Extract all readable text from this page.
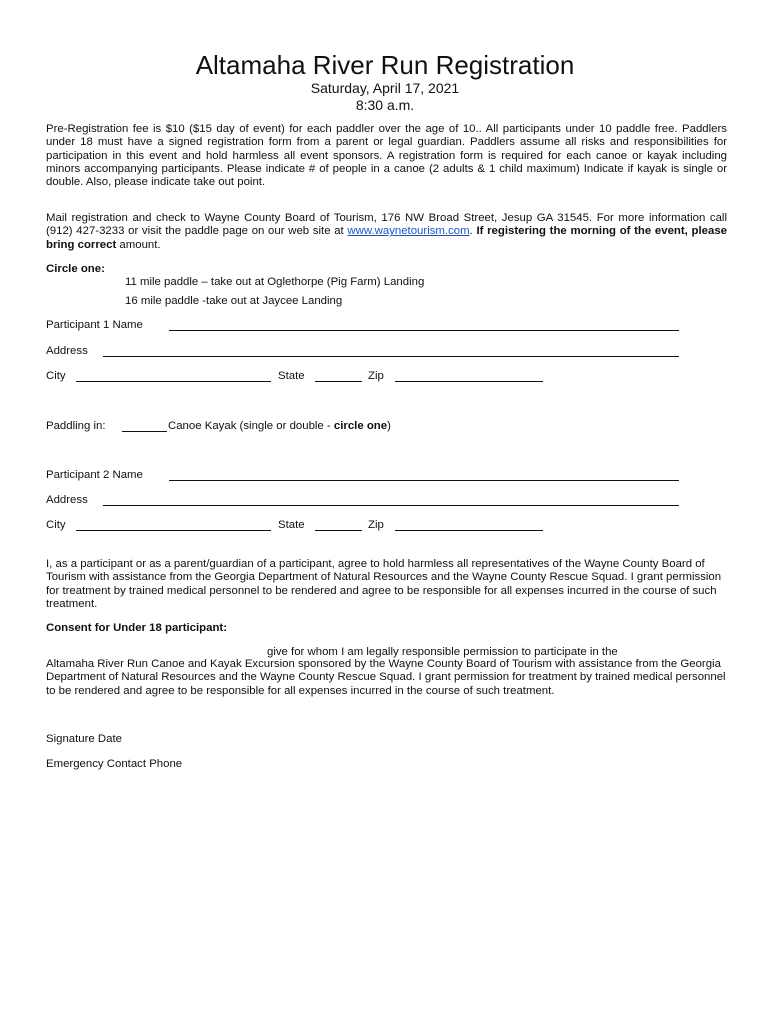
Altamaha River Run Registration
Saturday, April 17, 2021
8:30 a.m.
Pre-Registration fee is $10 ($15 day of event) for each paddler over the age of 10.. All participants under 10 paddle free. Paddlers under 18 must have a signed registration form from a parent or legal guardian. Paddlers assume all risks and responsibilities for participation in this event and hold harmless all event sponsors. A registration form is required for each canoe or kayak including minors accompanying participants. Please indicate # of people in a canoe (2 adults & 1 child maximum) Indicate if kayak is single or double. Also, please indicate take out point.
Mail registration and check to Wayne County Board of Tourism, 176 NW Broad Street, Jesup GA 31545. For more information call (912) 427-3233 or visit the paddle page on our web site at www.waynetourism.com. If registering the morning of the event, please bring correct amount.
Circle one:
11 mile paddle – take out at Oglethorpe (Pig Farm) Landing
16 mile paddle -take out at Jaycee Landing
Participant 1 Name
Address
City	State	Zip
Paddling in:	Canoe Kayak (single or double - circle one)
Participant 2 Name
Address
City	State	Zip
I, as a participant or as a parent/guardian of a participant, agree to hold harmless all representatives of the Wayne County Board of Tourism with assistance from the Georgia Department of Natural Resources and the Wayne County Rescue Squad. I grant permission for treatment by trained medical personnel to be rendered and agree to be responsible for all expenses incurred in the course of such treatment.
Consent for Under 18 participant:
give for whom I am legally responsible permission to participate in the
Altamaha River Run Canoe and Kayak Excursion sponsored by the Wayne County Board of Tourism with assistance from the Georgia Department of Natural Resources and the Wayne County Rescue Squad. I grant permission for treatment by trained medical personnel to be rendered and agree to be responsible for all expenses incurred in the course of such treatment.
Signature Date
Emergency Contact Phone
